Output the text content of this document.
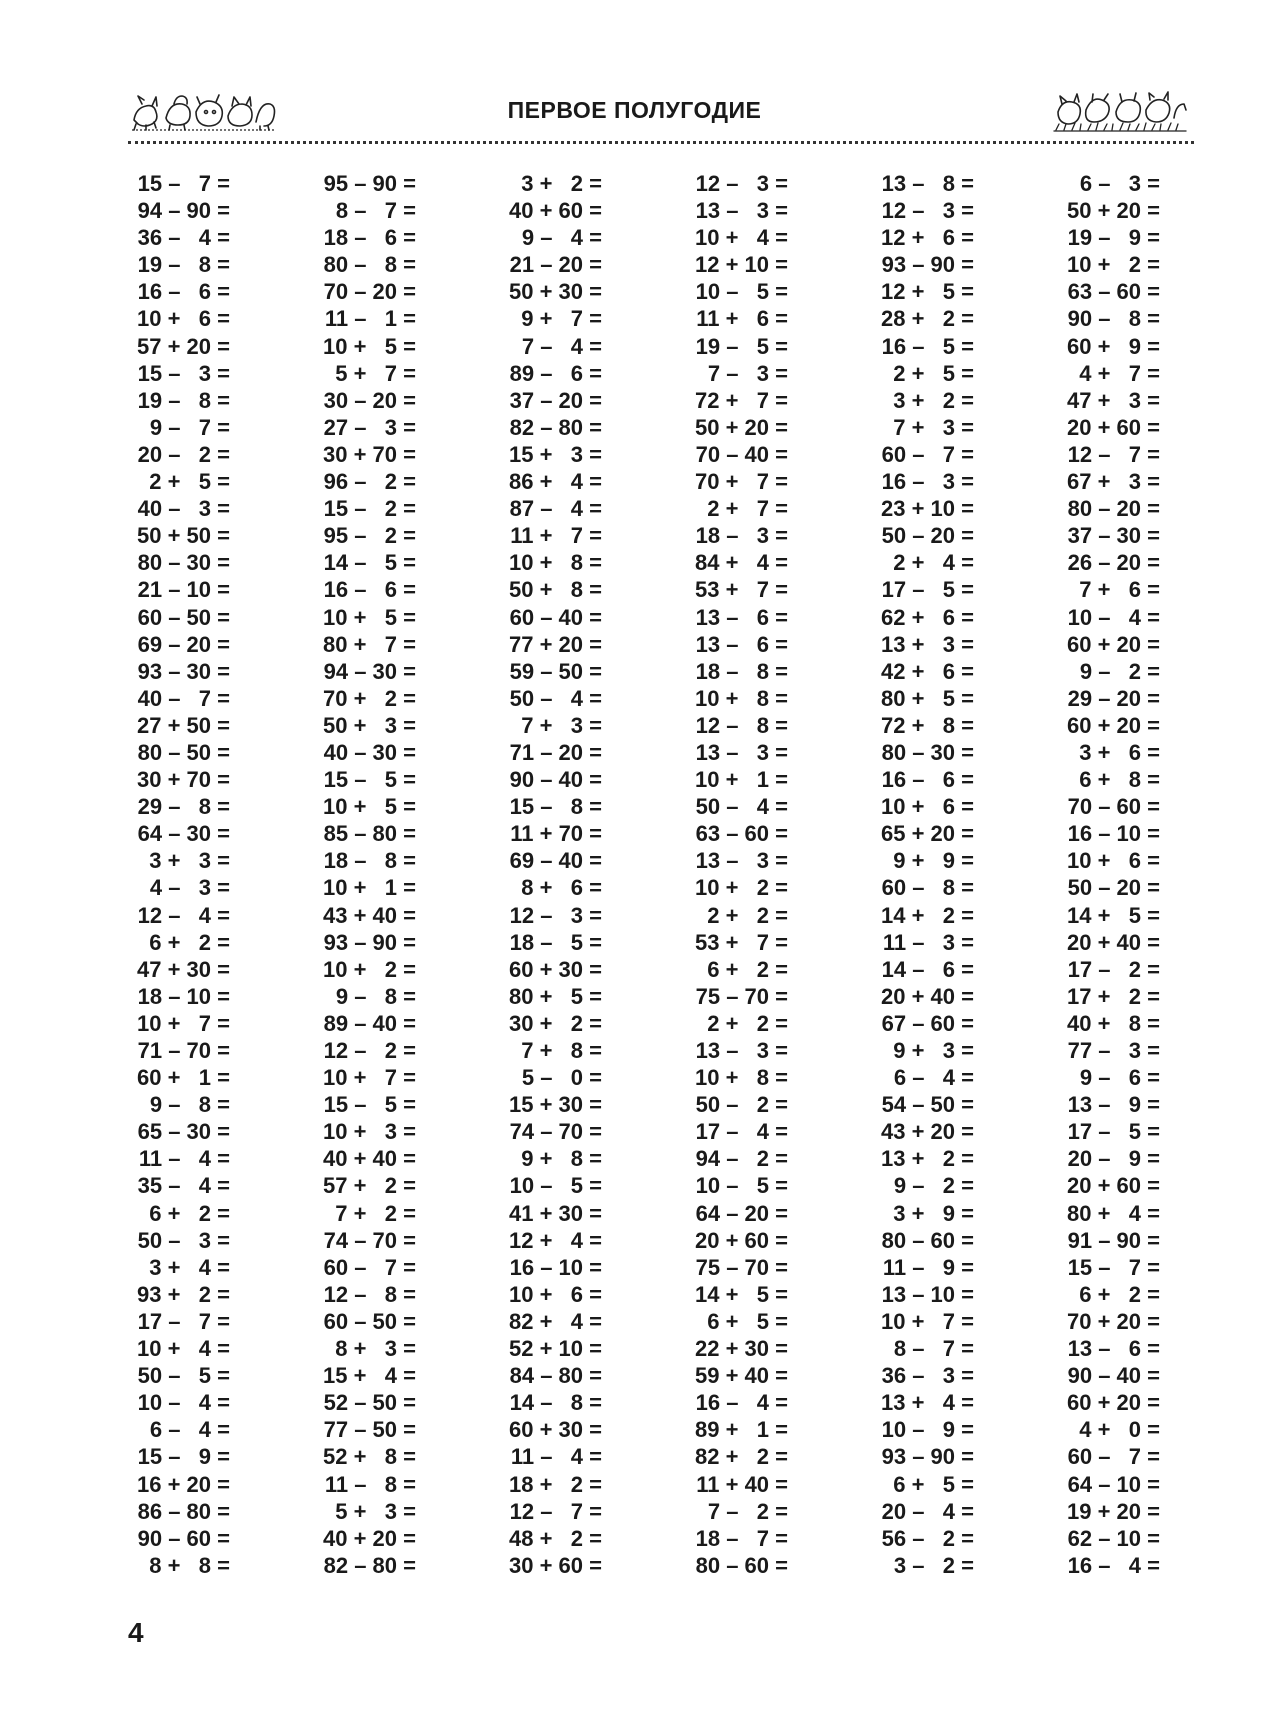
ПЕРВОЕ ПОЛУГОДИЕ
15 –   7 =
94 – 90 =
36 –   4 =
19 –   8 =
16 –   6 =
10 +   6 =
57 + 20 =
15 –   3 =
19 –   8 =
9 –   7 =
20 –   2 =
2 +   5 =
40 –   3 =
50 + 50 =
80 – 30 =
21 – 10 =
60 – 50 =
69 – 20 =
93 – 30 =
40 –   7 =
27 + 50 =
80 – 50 =
30 + 70 =
29 –   8 =
64 – 30 =
3 +   3 =
4 –   3 =
12 –   4 =
6 +   2 =
47 + 30 =
18 – 10 =
10 +   7 =
71 – 70 =
60 +   1 =
9 –   8 =
65 – 30 =
11 –   4 =
35 –   4 =
6 +   2 =
50 –   3 =
3 +   4 =
93 +   2 =
17 –   7 =
10 +   4 =
50 –   5 =
10 –   4 =
6 –   4 =
15 –   9 =
16 + 20 =
86 – 80 =
90 – 60 =
8 +   8 =
95 – 90 =
8 –   7 =
18 –   6 =
80 –   8 =
70 – 20 =
11 –   1 =
10 +   5 =
5 +   7 =
30 – 20 =
27 –   3 =
30 + 70 =
96 –   2 =
15 –   2 =
95 –   2 =
14 –   5 =
16 –   6 =
10 +   5 =
80 +   7 =
94 – 30 =
70 +   2 =
50 +   3 =
40 – 30 =
15 –   5 =
10 +   5 =
85 – 80 =
18 –   8 =
10 +   1 =
43 + 40 =
93 – 90 =
10 +   2 =
9 –   8 =
89 – 40 =
12 –   2 =
10 +   7 =
15 –   5 =
10 +   3 =
40 + 40 =
57 +   2 =
7 +   2 =
74 – 70 =
60 –   7 =
12 –   8 =
60 – 50 =
8 +   3 =
15 +   4 =
52 – 50 =
77 – 50 =
52 +   8 =
11 –   8 =
5 +   3 =
40 + 20 =
82 – 80 =
3 +   2 =
40 + 60 =
9 –   4 =
21 – 20 =
50 + 30 =
9 +   7 =
7 –   4 =
89 –   6 =
37 – 20 =
82 – 80 =
15 +   3 =
86 +   4 =
87 –   4 =
11 +   7 =
10 +   8 =
50 +   8 =
60 – 40 =
77 + 20 =
59 – 50 =
50 –   4 =
7 +   3 =
71 – 20 =
90 – 40 =
15 –   8 =
11 + 70 =
69 – 40 =
8 +   6 =
12 –   3 =
18 –   5 =
60 + 30 =
80 +   5 =
30 +   2 =
7 +   8 =
5 –   0 =
15 + 30 =
74 – 70 =
9 +   8 =
10 –   5 =
41 + 30 =
12 +   4 =
16 – 10 =
10 +   6 =
82 +   4 =
52 + 10 =
84 – 80 =
14 –   8 =
60 + 30 =
11 –   4 =
18 +   2 =
12 –   7 =
48 +   2 =
30 + 60 =
12 –   3 =
13 –   3 =
10 +   4 =
12 + 10 =
10 –   5 =
11 +   6 =
19 –   5 =
7 –   3 =
72 +   7 =
50 + 20 =
70 – 40 =
70 +   7 =
2 +   7 =
18 –   3 =
84 +   4 =
53 +   7 =
13 –   6 =
13 –   6 =
18 –   8 =
10 +   8 =
12 –   8 =
13 –   3 =
10 +   1 =
50 –   4 =
63 – 60 =
13 –   3 =
10 +   2 =
2 +   2 =
53 +   7 =
6 +   2 =
75 – 70 =
2 +   2 =
13 –   3 =
10 +   8 =
50 –   2 =
17 –   4 =
94 –   2 =
10 –   5 =
64 – 20 =
20 + 60 =
75 – 70 =
14 +   5 =
6 +   5 =
22 + 30 =
59 + 40 =
16 –   4 =
89 +   1 =
82 +   2 =
11 + 40 =
7 –   2 =
18 –   7 =
80 – 60 =
13 –   8 =
12 –   3 =
12 +   6 =
93 – 90 =
12 +   5 =
28 +   2 =
16 –   5 =
2 +   5 =
3 +   2 =
7 +   3 =
60 –   7 =
16 –   3 =
23 + 10 =
50 – 20 =
2 +   4 =
17 –   5 =
62 +   6 =
13 +   3 =
42 +   6 =
80 +   5 =
72 +   8 =
80 – 30 =
16 –   6 =
10 +   6 =
65 + 20 =
9 +   9 =
60 –   8 =
14 +   2 =
11 –   3 =
14 –   6 =
20 + 40 =
67 – 60 =
9 +   3 =
6 –   4 =
54 – 50 =
43 + 20 =
13 +   2 =
9 –   2 =
3 +   9 =
80 – 60 =
11 –   9 =
13 – 10 =
10 +   7 =
8 –   7 =
36 –   3 =
13 +   4 =
10 –   9 =
93 – 90 =
6 +   5 =
20 –   4 =
56 –   2 =
3 –   2 =
6 –   3 =
50 + 20 =
19 –   9 =
10 +   2 =
63 – 60 =
90 –   8 =
60 +   9 =
4 +   7 =
47 +   3 =
20 + 60 =
12 –   7 =
67 +   3 =
80 – 20 =
37 – 30 =
26 – 20 =
7 +   6 =
10 –   4 =
60 + 20 =
9 –   2 =
29 – 20 =
60 + 20 =
3 +   6 =
6 +   8 =
70 – 60 =
16 – 10 =
10 +   6 =
50 – 20 =
14 +   5 =
20 + 40 =
17 –   2 =
17 +   2 =
40 +   8 =
77 –   3 =
9 –   6 =
13 –   9 =
17 –   5 =
20 –   9 =
20 + 60 =
80 +   4 =
91 – 90 =
15 –   7 =
6 +   2 =
70 + 20 =
13 –   6 =
90 – 40 =
60 + 20 =
4 +   0 =
60 –   7 =
64 – 10 =
19 + 20 =
62 – 10 =
16 –   4 =
4
